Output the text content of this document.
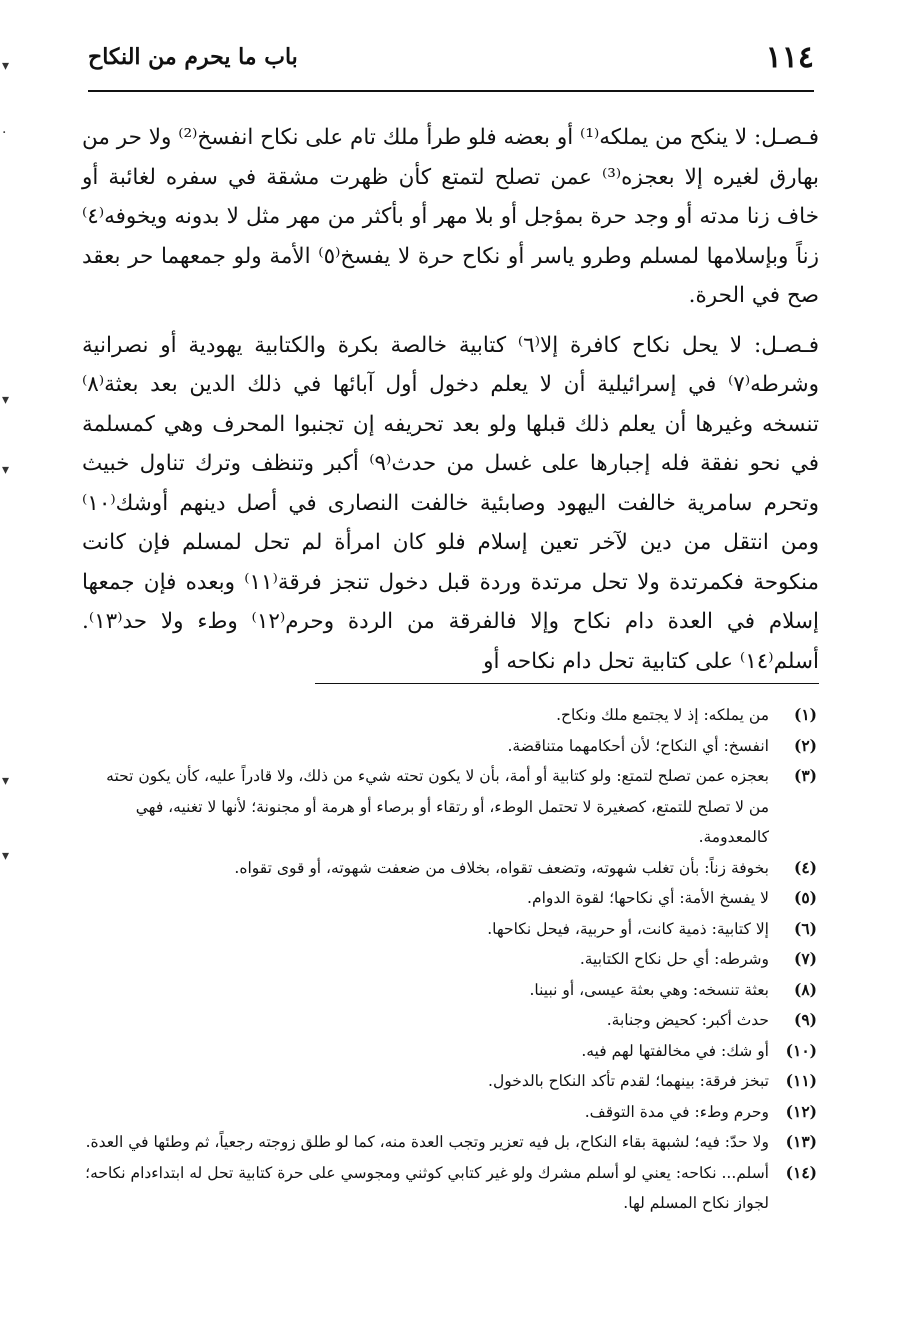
١١٤
باب ما يحرم من النكاح

فـصـل: لا ينكح من يملكه⁽¹⁾ أو بعضه فلو طرأ ملك تام على نكاح انفسخ⁽²⁾ ولا حر من بهارق لغيره إلا بعجزه⁽³⁾ عمن تصلح لتمتع كأن ظهرت مشقة في سفره لغائبة أو خاف زنا مدته أو وجد حرة بمؤجل أو بلا مهر أو بأكثر من مهر مثل لا بدونه ويخوفه⁽٤⁾ زناً وبإسلامها لمسلم وطرو ياسر أو نكاح حرة لا يفسخ⁽٥⁾ الأمة ولو جمعهما حر بعقد صح في الحرة.

فـصـل: لا يحل نكاح كافرة إلا⁽٦⁾ كتابية خالصة بكرة والكتابية يهودية أو نصرانية وشرطه⁽٧⁾ في إسرائيلية أن لا يعلم دخول أول آبائها في ذلك الدين بعد بعثة⁽٨⁾ تنسخه وغيرها أن يعلم ذلك قبلها ولو بعد تحريفه إن تجنبوا المحرف وهي كمسلمة في نحو نفقة فله إجبارها على غسل من حدث⁽٩⁾ أكبر وتنظف وترك تناول خبيث وتحرم سامرية خالفت اليهود وصابئية خالفت النصارى في أصل دينهم أوشك⁽١٠⁾ ومن انتقل من دين لآخر تعين إسلام فلو كان امرأة لم تحل لمسلم فإن كانت منكوحة فكمرتدة ولا تحل مرتدة وردة قبل دخول تنجز فرقة⁽١١⁾ وبعده فإن جمعها إسلام في العدة دام نكاح وإلا فالفرقة من الردة وحرم⁽١٢⁾ وطء ولا حد⁽١٣⁾. أسلم⁽١٤⁾ على كتابية تحل دام نكاحه أو

(١)
من يملكه: إذ لا يجتمع ملك ونكاح.
(٢)
انفسخ: أي النكاح؛ لأن أحكامهما متناقضة.
(٣)
بعجزه عمن تصلح لتمتع: ولو كتابية أو أمة، بأن لا يكون تحته شيء من ذلك، ولا قادراً عليه، كأن يكون تحته من لا تصلح للتمتع، كصغيرة لا تحتمل الوطء، أو رتقاء أو برصاء أو هرمة أو مجنونة؛ لأنها لا تغنيه، فهي كالمعدومة.
(٤)
بخوفة زناً: بأن تغلب شهوته، وتضعف تقواه، بخلاف من ضعفت شهوته، أو قوى تقواه.
(٥)
لا يفسخ الأمة: أي نكاحها؛ لقوة الدوام.
(٦)
إلا كتابية: ذمية كانت، أو حربية، فيحل نكاحها.
(٧)
وشرطه: أي حل نكاح الكتابية.
(٨)
بعثة تنسخه: وهي بعثة عيسى، أو نبينا.
(٩)
حدث أكبر: كحيض وجنابة.
(١٠)
أو شك: في مخالفتها لهم فيه.
(١١)
تبخز فرقة: بينهما؛ لقدم تأكد النكاح بالدخول.
(١٢)
وحرم وطء: في مدة التوقف.
(١٣)
ولا حدّ: فيه؛ لشبهة بقاء النكاح، بل فيه تعزير وتجب العدة منه، كما لو طلق زوجته رجعياً، ثم وطئها في العدة.
(١٤)
أسلم... نكاحه: يعني لو أسلم مشرك ولو غير كتابي كوثني ومجوسي على حرة كتابية تحل له ابتداءدام نكاحه؛ لجواز نكاح المسلم لها.
▾
·
▾
▾
▾
▾
